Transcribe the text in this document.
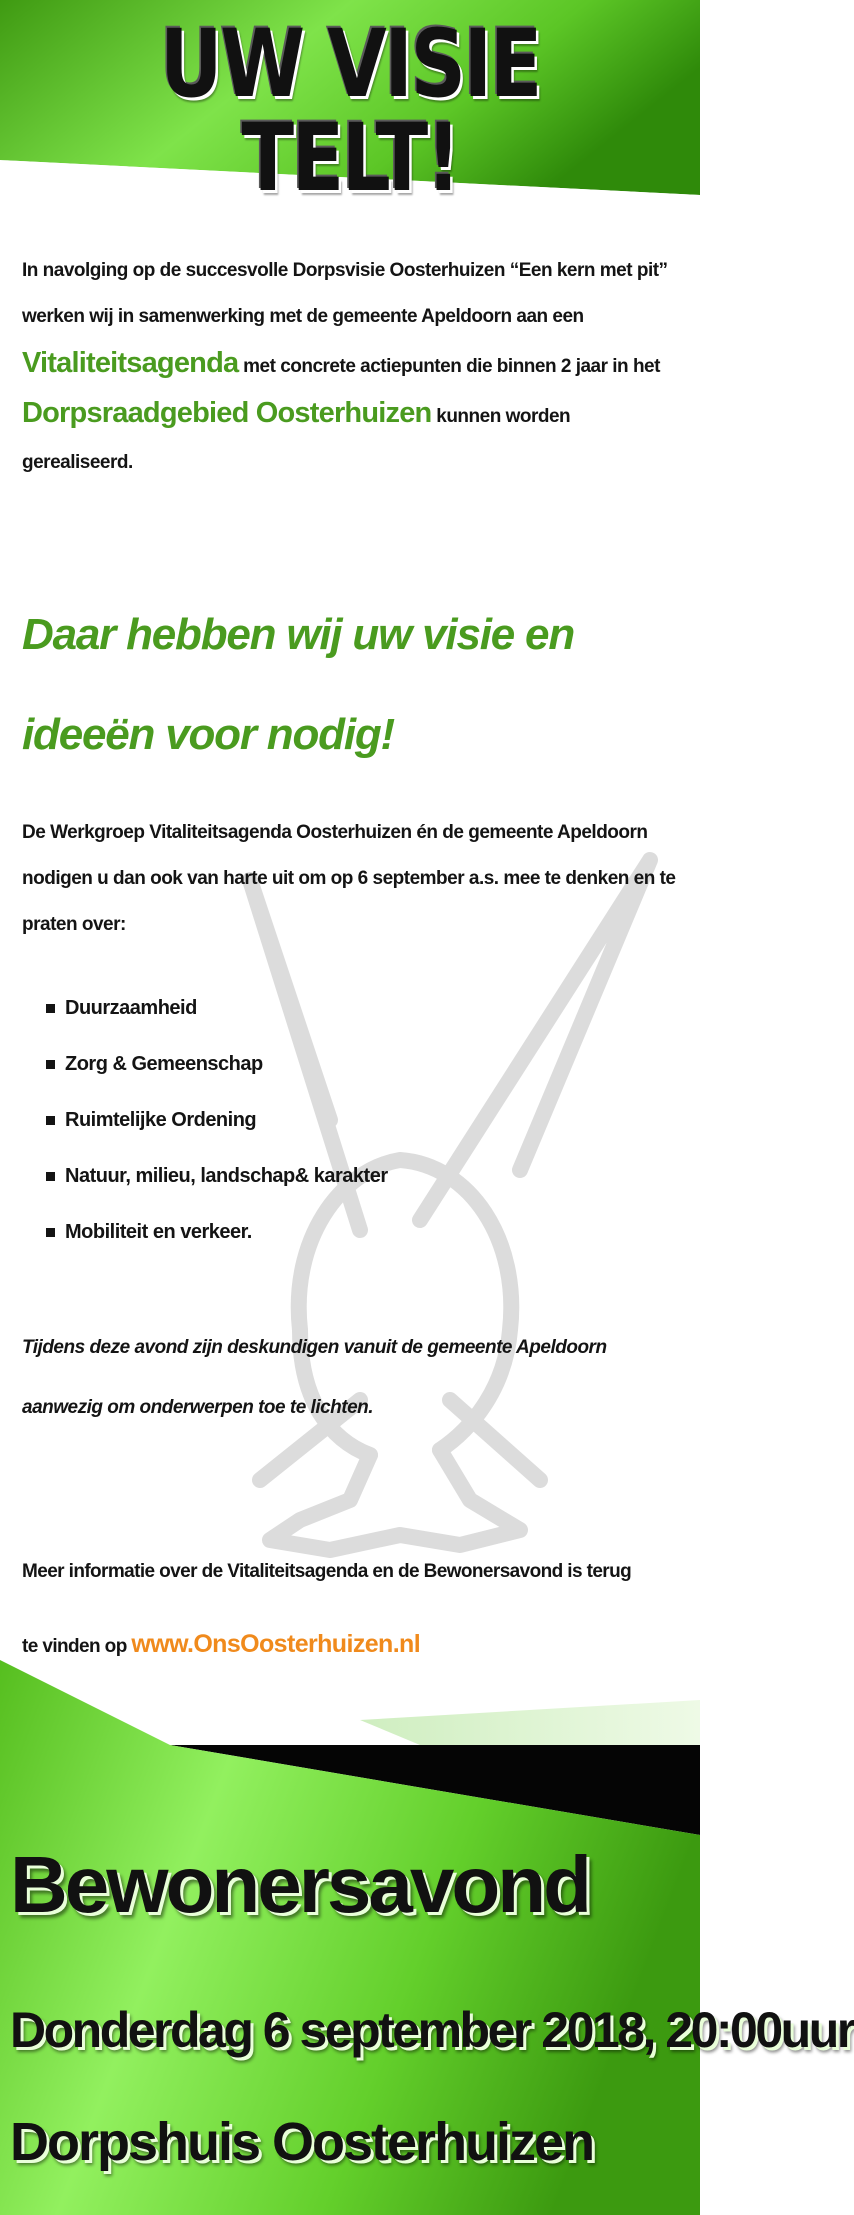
UW VISIE TELT!

In navolging op de succesvolle Dorpsvisie Oosterhuizen “Een kern met pit”
werken wij in samenwerking met de gemeente Apeldoorn aan een
Vitaliteitsagenda met concrete actiepunten die binnen 2 jaar in het
Dorpsraadgebied Oosterhuizen kunnen worden gerealiseerd.

Daar hebben wij uw visie en ideeën voor nodig!

De Werkgroep Vitaliteitsagenda Oosterhuizen én de gemeente Apeldoorn nodigen u dan ook van harte uit om op 6 september a.s. mee te denken en te praten over:

Duurzaamheid
Zorg & Gemeenschap
Ruimtelijke Ordening
Natuur, milieu, landschap& karakter
Mobiliteit en verkeer.

Tijdens deze avond zijn deskundigen vanuit de gemeente Apeldoorn aanwezig om onderwerpen toe te lichten.

Meer informatie over de Vitaliteitsagenda en de Bewonersavond is terug
te vinden op www.OnsOosterhuizen.nl

Bewonersavond

Donderdag 6 september 2018, 20:00uur

Dorpshuis Oosterhuizen
